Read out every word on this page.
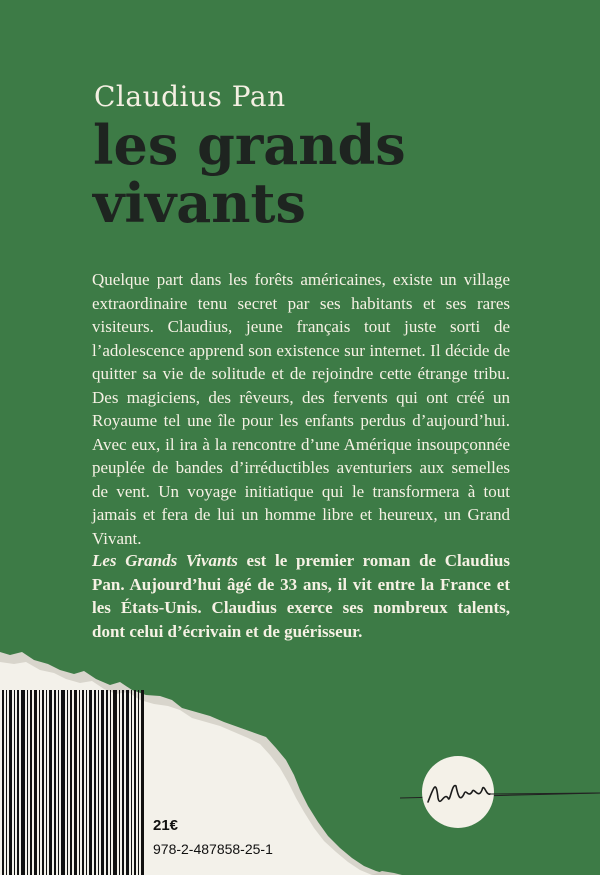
Claudius Pan
les grands
vivants
Quelque part dans les forêts américaines, existe un village extraordinaire tenu secret par ses habitants et ses rares visiteurs. Claudius, jeune français tout juste sorti de l’adolescence apprend son existence sur internet. Il décide de quitter sa vie de solitude et de rejoindre cette étrange tribu. Des magiciens, des rêveurs, des fervents qui ont créé un Royaume tel une île pour les enfants perdus d’aujourd’hui. Avec eux, il ira à la rencontre d’une Amérique insoupçonnée peuplée de bandes d’irréductibles aventuriers aux semelles de vent. Un voyage initiatique qui le transformera à tout jamais et fera de lui un homme libre et heureux, un Grand Vivant.
Les Grands Vivants est le premier roman de Claudius Pan. Aujourd’hui âgé de 33 ans, il vit entre la France et les États-Unis. Claudius exerce ses nombreux talents, dont celui d’écrivain et de guérisseur.
21€
978-2-487858-25-1
